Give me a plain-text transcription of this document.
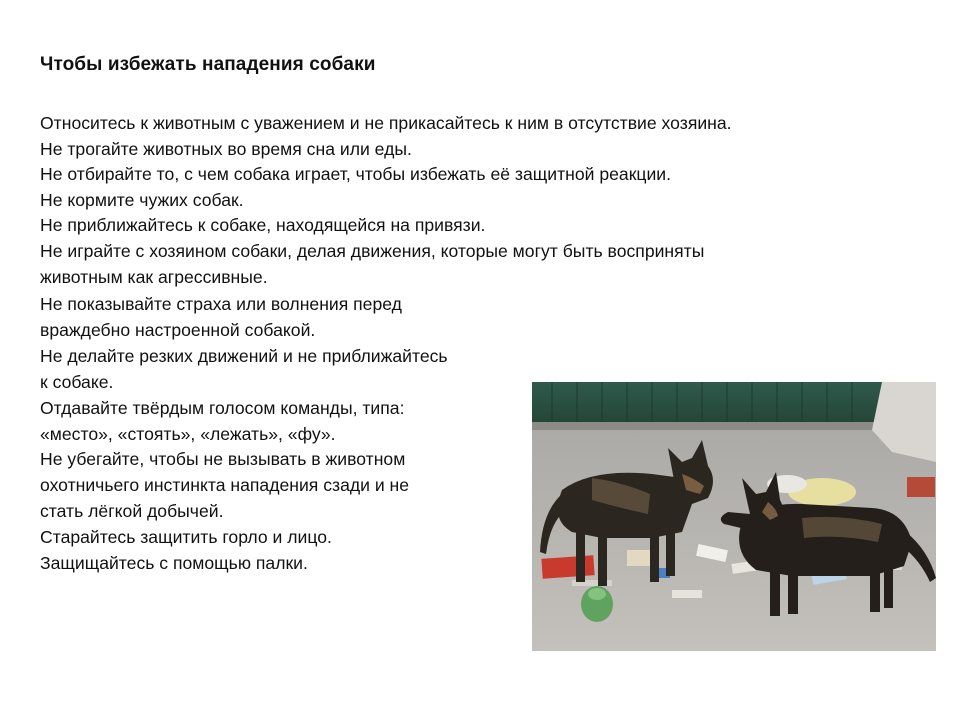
Чтобы избежать нападения собаки
Относитесь к животным с уважением и не прикасайтесь к ним в отсутствие хозяина.
Не трогайте животных во время сна или еды.
Не отбирайте то, с чем собака играет, чтобы избежать её защитной реакции.
Не кормите чужих собак.
Не приближайтесь к собаке, находящейся на привязи.
Не играйте с хозяином собаки, делая движения, которые могут быть восприняты
животным как агрессивные.
Не показывайте страха или волнения перед
враждебно настроенной собакой.
Не делайте резких движений и не приближайтесь
к собаке.
Отдавайте твёрдым голосом команды, типа:
«место», «стоять», «лежать», «фу».
Не убегайте, чтобы не вызывать в животном
охотничьего инстинкта нападения сзади и не
стать лёгкой добычей.
Старайтесь защитить горло и лицо.
Защищайтесь с помощью палки.
